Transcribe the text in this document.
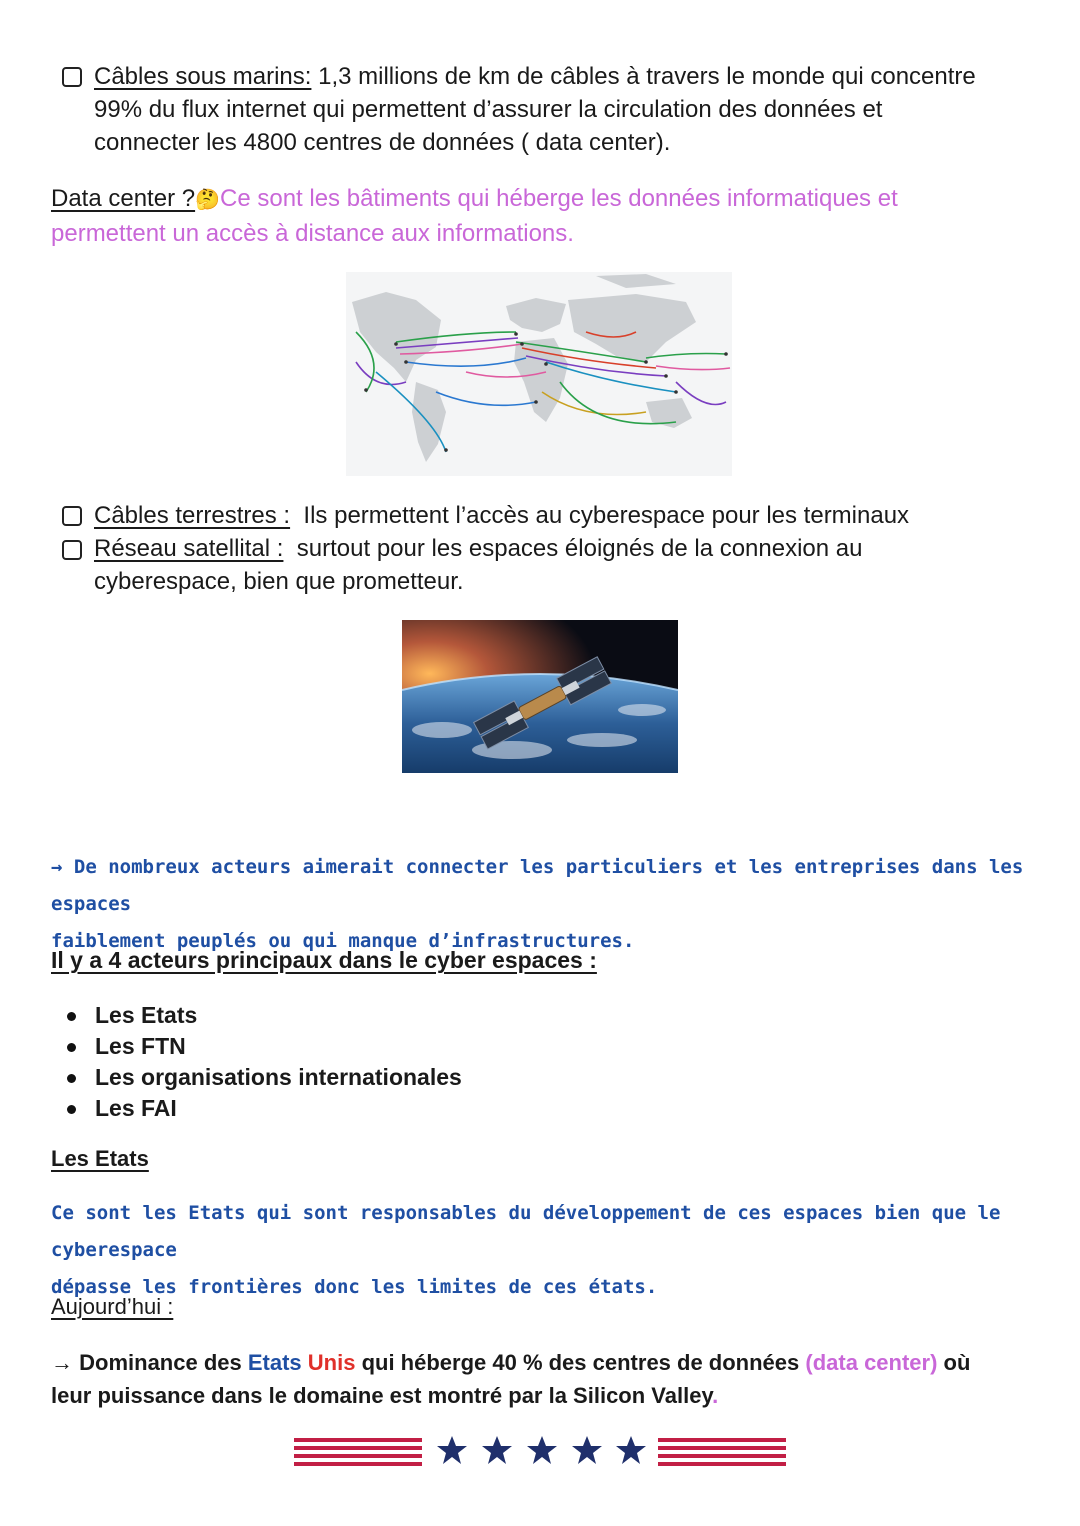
Câbles sous marins: 1,3 millions de km de câbles à travers le monde qui concentre
99% du flux internet qui permettent d’assurer la circulation des données et
connecter les 4800 centres de données ( data center).
Data center ?🤔Ce sont les bâtiments qui héberge les données informatiques et
permettent un accès à distance aux informations.
Câbles terrestres : Ils permettent l’accès au cyberespace pour les terminaux
Réseau satellital : surtout pour les espaces éloignés de la connexion au
cyberespace, bien que prometteur.
→ De nombreux acteurs aimerait connecter les particuliers et les entreprises dans les espaces
faiblement peuplés ou qui manque d’infrastructures.
Il y a 4 acteurs principaux dans le cyber espaces :
Les Etats
Les FTN
Les organisations internationales
Les FAI
Les Etats
Ce sont les Etats qui sont responsables du développement de ces espaces bien que le cyberespace
dépasse les frontières donc les limites de ces états.
Aujourd’hui :
→ Dominance des Etats Unis qui héberge 40 % des centres de données (data center) où
leur puissance dans le domaine est montré par la Silicon Valley.
